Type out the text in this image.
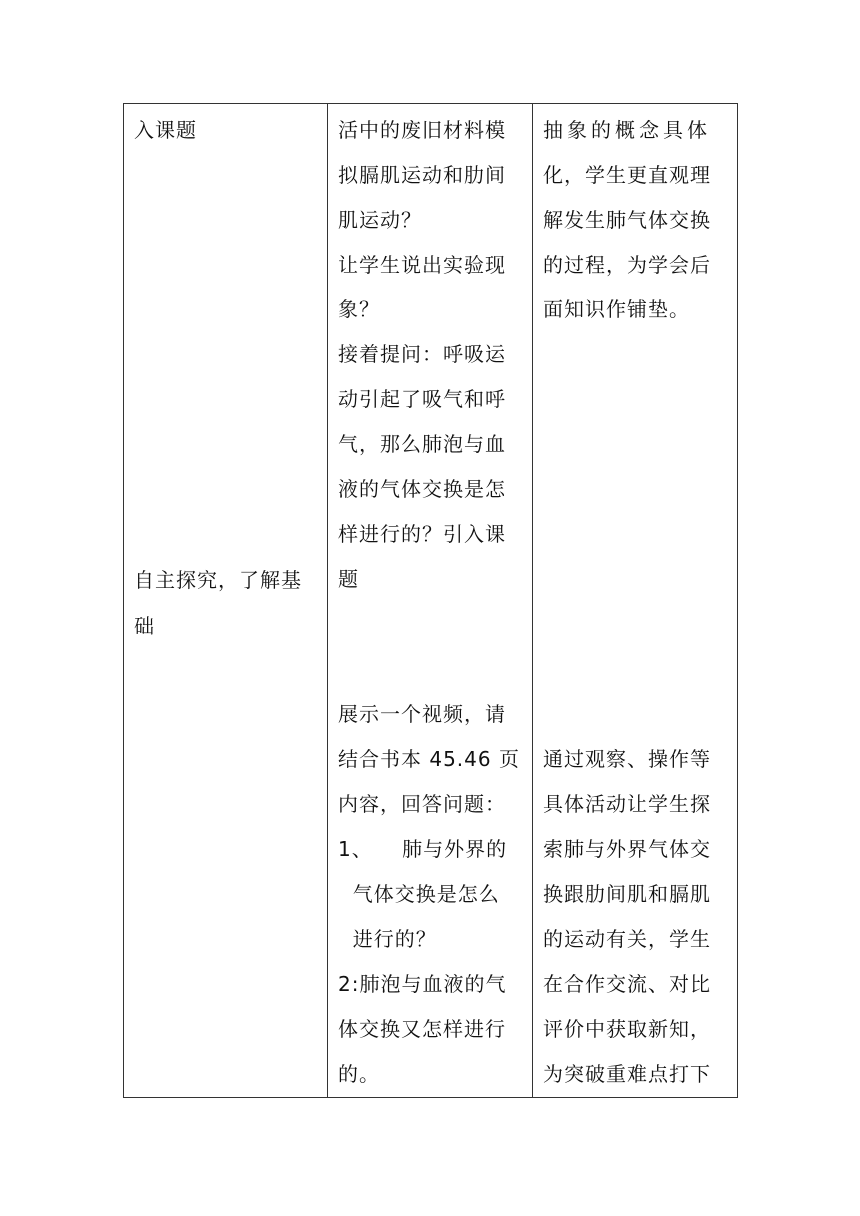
入课题
自主探究，了解基
础

活中的废旧材料模
拟膈肌运动和肋间
肌运动？
让学生说出实验现
象？
接着提问：呼吸运
动引起了吸气和呼
气，那么肺泡与血
液的气体交换是怎
样进行的？引入课
题
展示一个视频，请
结合书本 45.46 页
内容，回答问题：
1、    肺与外界的
气体交换是怎么
进行的？
2:肺泡与血液的气
体交换又怎样进行
的。

抽象的概念具体
化，学生更直观理
解发生肺气体交换
的过程，为学会后
面知识作铺垫。
通过观察、操作等
具体活动让学生探
索肺与外界气体交
换跟肋间肌和膈肌
的运动有关，学生
在合作交流、对比
评价中获取新知，
为突破重难点打下
